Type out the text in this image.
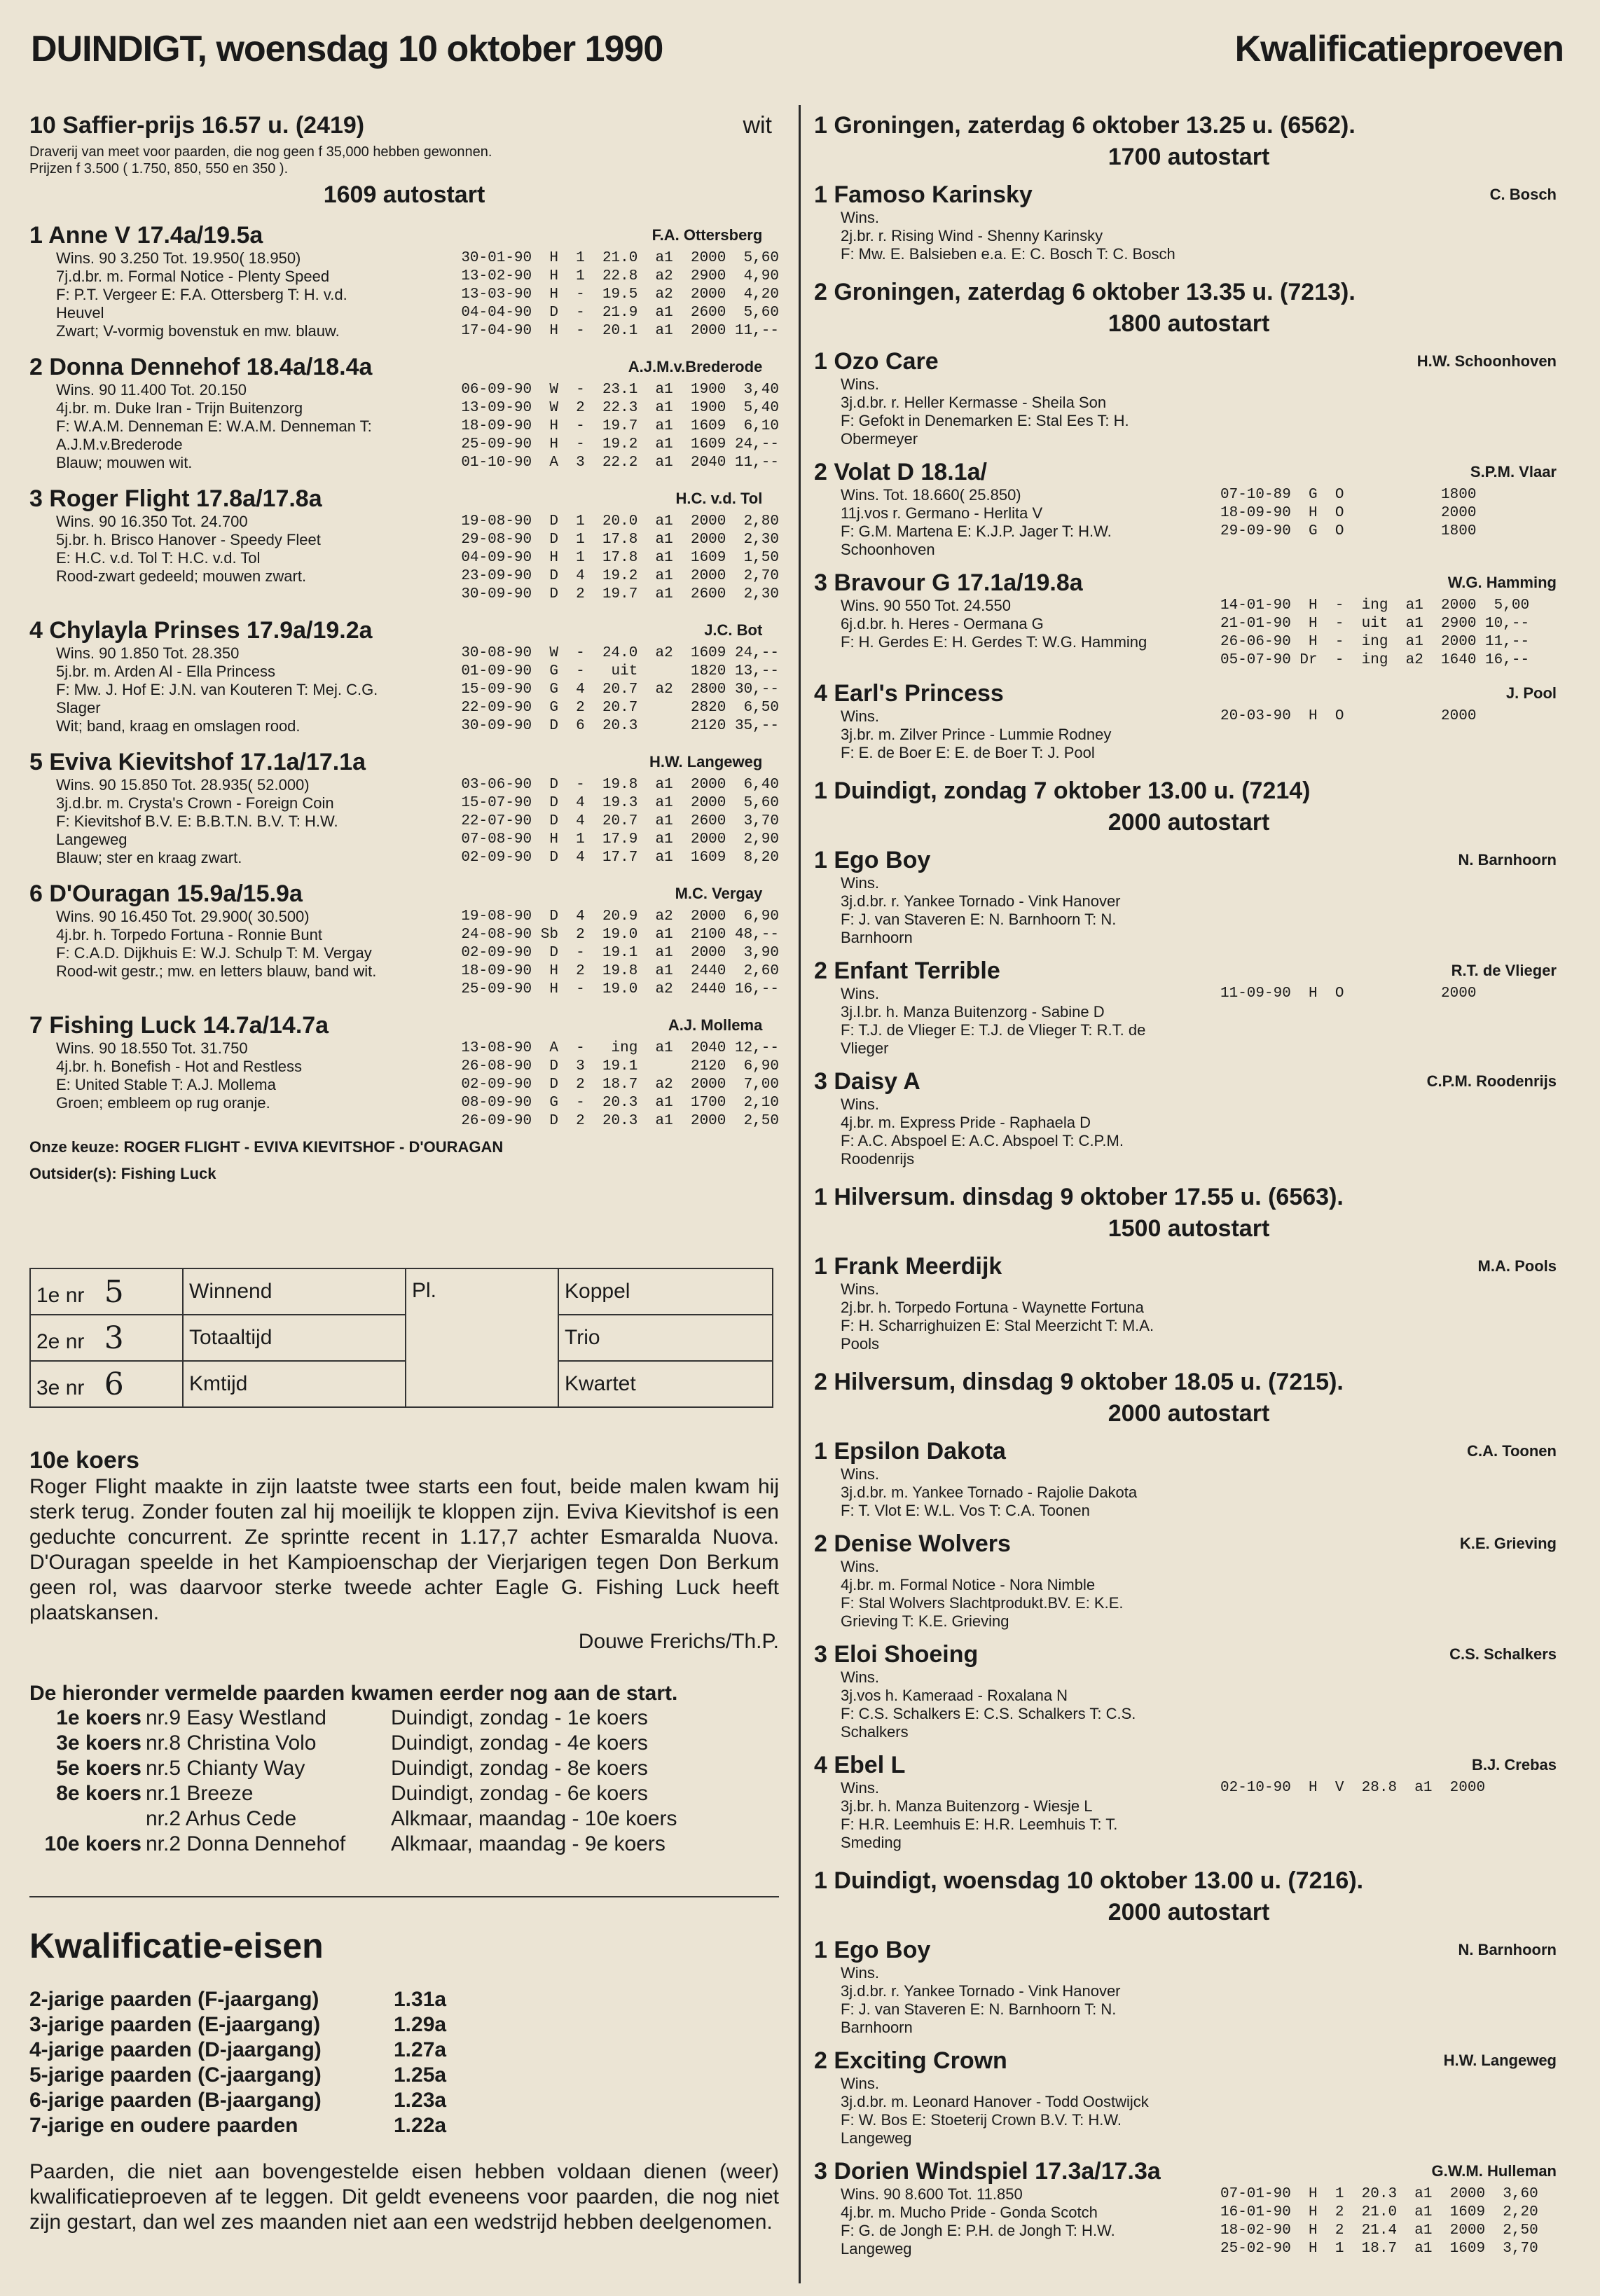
DUINDIGT, woensdag 10 oktober 1990	Kwalificatieproeven
10 Saffier-prijs 16.57 u. (2419)	wit
Draverij van meet voor paarden, die nog geen f 35,000 hebben gewonnen.
Prijzen f 3.500 ( 1.750, 850, 550 en 350 ).
1609 autostart
1 Anne V 17.4a/19.5a
Wins. 90 3.250 Tot. 19.950( 18.950)
7j.d.br. m. Formal Notice - Plenty Speed
F: P.T. Vergeer E: F.A. Ottersberg T: H. v.d.
Heuvel
Zwart; V-vormig bovenstuk en mw. blauw.
F.A. Ottersberg
30-01-90  H  1  21.0  a1  2000  5,60
13-02-90  H  1  22.8  a2  2900  4,90
13-03-90  H  -  19.5  a2  2000  4,20
04-04-90  D  -  21.9  a1  2600  5,60
17-04-90  H  -  20.1  a1  2000 11,--
2 Donna Dennehof 18.4a/18.4a
Wins. 90 11.400 Tot. 20.150
4j.br. m. Duke Iran - Trijn Buitenzorg
F: W.A.M. Denneman E: W.A.M. Denneman T:
A.J.M.v.Brederode
Blauw; mouwen wit.
A.J.M.v.Brederode
06-09-90  W  -  23.1  a1  1900  3,40
13-09-90  W  2  22.3  a1  1900  5,40
18-09-90  H  -  19.7  a1  1609  6,10
25-09-90  H  -  19.2  a1  1609 24,--
01-10-90  A  3  22.2  a1  2040 11,--
3 Roger Flight 17.8a/17.8a
Wins. 90 16.350 Tot. 24.700
5j.br. h. Brisco Hanover - Speedy Fleet
E: H.C. v.d. Tol T: H.C. v.d. Tol
Rood-zwart gedeeld; mouwen zwart.
H.C. v.d. Tol
19-08-90  D  1  20.0  a1  2000  2,80
29-08-90  D  1  17.8  a1  2000  2,30
04-09-90  H  1  17.8  a1  1609  1,50
23-09-90  D  4  19.2  a1  2000  2,70
30-09-90  D  2  19.7  a1  2600  2,30
4 Chylayla Prinses 17.9a/19.2a
Wins. 90 1.850 Tot. 28.350
5j.br. m. Arden Al - Ella Princess
F: Mw. J. Hof E: J.N. van Kouteren T: Mej. C.G.
Slager
Wit; band, kraag en omslagen rood.
J.C. Bot
30-08-90  W  -  24.0  a2  1609 24,--
01-09-90  G  -   uit      1820 13,--
15-09-90  G  4  20.7  a2  2800 30,--
22-09-90  G  2  20.7      2820  6,50
30-09-90  D  6  20.3      2120 35,--
5 Eviva Kievitshof 17.1a/17.1a
Wins. 90 15.850 Tot. 28.935( 52.000)
3j.d.br. m. Crysta's Crown - Foreign Coin
F: Kievitshof B.V. E: B.B.T.N. B.V. T: H.W.
Langeweg
Blauw; ster en kraag zwart.
H.W. Langeweg
03-06-90  D  -  19.8  a1  2000  6,40
15-07-90  D  4  19.3  a1  2000  5,60
22-07-90  D  4  20.7  a1  2600  3,70
07-08-90  H  1  17.9  a1  2000  2,90
02-09-90  D  4  17.7  a1  1609  8,20
6 D'Ouragan 15.9a/15.9a
Wins. 90 16.450 Tot. 29.900( 30.500)
4j.br. h. Torpedo Fortuna - Ronnie Bunt
F: C.A.D. Dijkhuis E: W.J. Schulp T: M. Vergay
Rood-wit gestr.; mw. en letters blauw, band wit.
M.C. Vergay
19-08-90  D  4  20.9  a2  2000  6,90
24-08-90 Sb  2  19.0  a1  2100 48,--
02-09-90  D  -  19.1  a1  2000  3,90
18-09-90  H  2  19.8  a1  2440  2,60
25-09-90  H  -  19.0  a2  2440 16,--
7 Fishing Luck 14.7a/14.7a
Wins. 90 18.550 Tot. 31.750
4j.br. h. Bonefish - Hot and Restless
E: United Stable T: A.J. Mollema
Groen; embleem op rug oranje.
A.J. Mollema
13-08-90  A  -   ing  a1  2040 12,--
26-08-90  D  3  19.1      2120  6,90
02-09-90  D  2  18.7  a2  2000  7,00
08-09-90  G  -  20.3  a1  1700  2,10
26-09-90  D  2  20.3  a1  2000  2,50
Onze keuze: ROGER FLIGHT - EVIVA KIEVITSHOF - D'OURAGAN
Outsider(s): Fishing Luck
1e nr 5	Winnend	Pl.	Koppel
2e nr 3	Totaaltijd		Trio
3e nr 6	Kmtijd		Kwartet
10e koers
Roger Flight maakte in zijn laatste twee starts een fout, beide malen kwam hij sterk terug. Zonder fouten zal hij moeilijk te kloppen zijn. Eviva Kievitshof is een geduchte concurrent. Ze sprintte recent in 1.17,7 achter Esmaralda Nuova. D'Ouragan speelde in het Kampioenschap der Vierjarigen tegen Don Berkum geen rol, was daarvoor sterke tweede achter Eagle G. Fishing Luck heeft plaatskansen.
Douwe Frerichs/Th.P.
De hieronder vermelde paarden kwamen eerder nog aan de start.
1e koers nr.9 Easy Westland	Duindigt, zondag - 1e koers
3e koers nr.8 Christina Volo	Duindigt, zondag - 4e koers
5e koers nr.5 Chianty Way	Duindigt, zondag - 8e koers
8e koers nr.1 Breeze	Duindigt, zondag - 6e koers
nr.2 Arhus Cede	Alkmaar, maandag - 10e koers
10e koers nr.2 Donna Dennehof	Alkmaar, maandag - 9e koers
Kwalificatie-eisen
2-jarige paarden (F-jaargang)	1.31a
3-jarige paarden (E-jaargang)	1.29a
4-jarige paarden (D-jaargang)	1.27a
5-jarige paarden (C-jaargang)	1.25a
6-jarige paarden (B-jaargang)	1.23a
7-jarige en oudere paarden	1.22a
Paarden, die niet aan bovengestelde eisen hebben voldaan dienen (weer) kwalificatieproeven af te leggen. Dit geldt eveneens voor paarden, die nog niet zijn gestart, dan wel zes maanden niet aan een wedstrijd hebben deelgenomen.
1 Groningen, zaterdag 6 oktober 13.25 u. (6562).
1700 autostart
1 Famoso Karinsky
Wins.
2j.br. r. Rising Wind - Shenny Karinsky
F: Mw. E. Balsieben e.a. E: C. Bosch T: C. Bosch
C. Bosch
2 Groningen, zaterdag 6 oktober 13.35 u. (7213).
1800 autostart
1 Ozo Care
Wins.
3j.d.br. r. Heller Kermasse - Sheila Son
F: Gefokt in Denemarken E: Stal Ees T: H.
Obermeyer
H.W. Schoonhoven
2 Volat D 18.1a/
Wins. Tot. 18.660( 25.850)
11j.vos r. Germano - Herlita V
F: G.M. Martena E: K.J.P. Jager T: H.W.
Schoonhoven
S.P.M. Vlaar
07-10-89  G  O           1800
18-09-90  H  O           2000
29-09-90  G  O           1800
3 Bravour G 17.1a/19.8a
Wins. 90 550 Tot. 24.550
6j.d.br. h. Heres - Oermana G
F: H. Gerdes E: H. Gerdes T: W.G. Hamming
W.G. Hamming
14-01-90  H  -  ing  a1  2000  5,00
21-01-90  H  -  uit  a1  2900 10,--
26-06-90  H  -  ing  a1  2000 11,--
05-07-90 Dr  -  ing  a2  1640 16,--
4 Earl's Princess
Wins.
3j.br. m. Zilver Prince - Lummie Rodney
F: E. de Boer E: E. de Boer T: J. Pool
J. Pool
20-03-90  H  O           2000
1 Duindigt, zondag 7 oktober 13.00 u. (7214)
2000 autostart
1 Ego Boy
Wins.
3j.d.br. r. Yankee Tornado - Vink Hanover
F: J. van Staveren E: N. Barnhoorn T: N.
Barnhoorn
N. Barnhoorn
2 Enfant Terrible
Wins.
3j.l.br. h. Manza Buitenzorg - Sabine D
F: T.J. de Vlieger E: T.J. de Vlieger T: R.T. de
Vlieger
R.T. de Vlieger
11-09-90  H  O           2000
3 Daisy A
Wins.
4j.br. m. Express Pride - Raphaela D
F: A.C. Abspoel E: A.C. Abspoel T: C.P.M.
Roodenrijs
C.P.M. Roodenrijs
1 Hilversum. dinsdag 9 oktober 17.55 u. (6563).
1500 autostart
1 Frank Meerdijk
Wins.
2j.br. h. Torpedo Fortuna - Waynette Fortuna
F: H. Scharrighuizen E: Stal Meerzicht T: M.A.
Pools
M.A. Pools
2 Hilversum, dinsdag 9 oktober 18.05 u. (7215).
2000 autostart
1 Epsilon Dakota
Wins.
3j.d.br. m. Yankee Tornado - Rajolie Dakota
F: T. Vlot E: W.L. Vos T: C.A. Toonen
C.A. Toonen
2 Denise Wolvers
Wins.
4j.br. m. Formal Notice - Nora Nimble
F: Stal Wolvers Slachtprodukt.BV. E: K.E.
Grieving T: K.E. Grieving
K.E. Grieving
3 Eloi Shoeing
Wins.
3j.vos h. Kameraad - Roxalana N
F: C.S. Schalkers E: C.S. Schalkers T: C.S.
Schalkers
C.S. Schalkers
4 Ebel L
Wins.
3j.br. h. Manza Buitenzorg - Wiesje L
F: H.R. Leemhuis E: H.R. Leemhuis T: T.
Smeding
B.J. Crebas
02-10-90  H  V  28.8  a1  2000
1 Duindigt, woensdag 10 oktober 13.00 u. (7216).
2000 autostart
1 Ego Boy
Wins.
3j.d.br. r. Yankee Tornado - Vink Hanover
F: J. van Staveren E: N. Barnhoorn T: N.
Barnhoorn
N. Barnhoorn
2 Exciting Crown
Wins.
3j.d.br. m. Leonard Hanover - Todd Oostwijck
F: W. Bos E: Stoeterij Crown B.V. T: H.W.
Langeweg
H.W. Langeweg
3 Dorien Windspiel 17.3a/17.3a
Wins. 90 8.600 Tot. 11.850
4j.br. m. Mucho Pride - Gonda Scotch
F: G. de Jongh E: P.H. de Jongh T: H.W.
Langeweg
G.W.M. Hulleman
07-01-90  H  1  20.3  a1  2000  3,60
16-01-90  H  2  21.0  a1  1609  2,20
18-02-90  H  2  21.4  a1  2000  2,50
25-02-90  H  1  18.7  a1  1609  3,70
